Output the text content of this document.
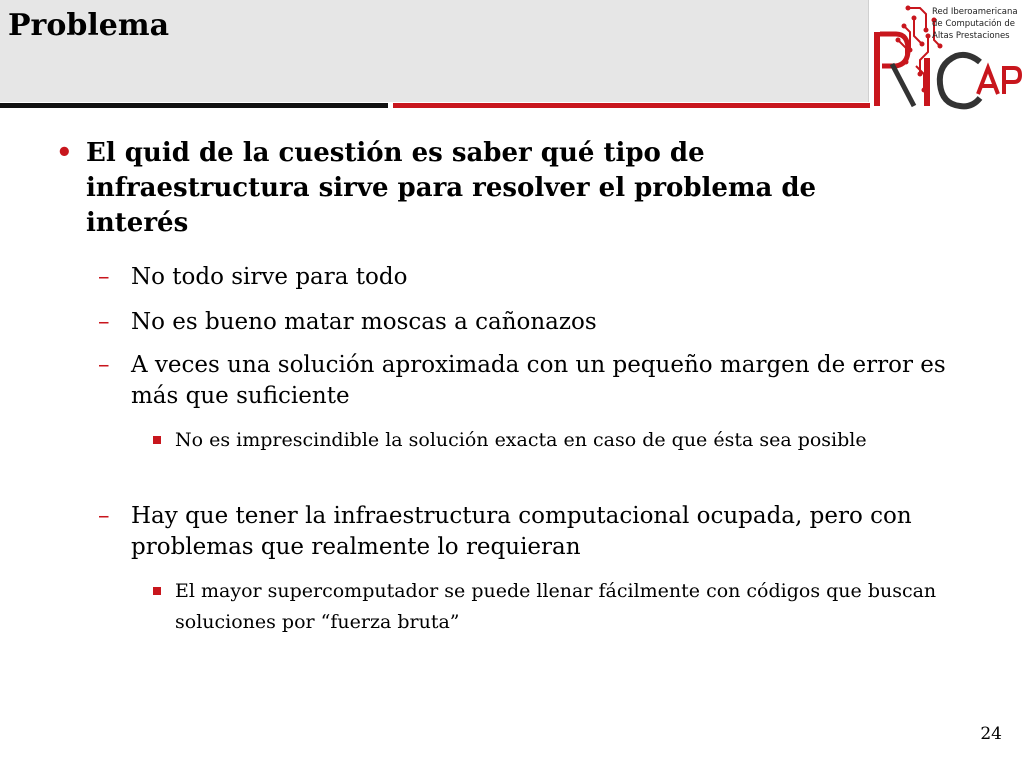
Problema	Red Iberoamericana
de Computación de
Altas Prestaciones

• El quid de la cuestión es saber qué tipo de infraestructura sirve para resolver el problema de interés

– No todo sirve para todo

– No es bueno matar moscas a cañonazos

– A veces una solución aproximada con un pequeño margen de error es más que suficiente

No es imprescindible la solución exacta en caso de que ésta sea posible

– Hay que tener la infraestructura computacional ocupada, pero con problemas que realmente lo requieran

El mayor supercomputador se puede llenar fácilmente con códigos que buscan soluciones por “fuerza bruta”

24
